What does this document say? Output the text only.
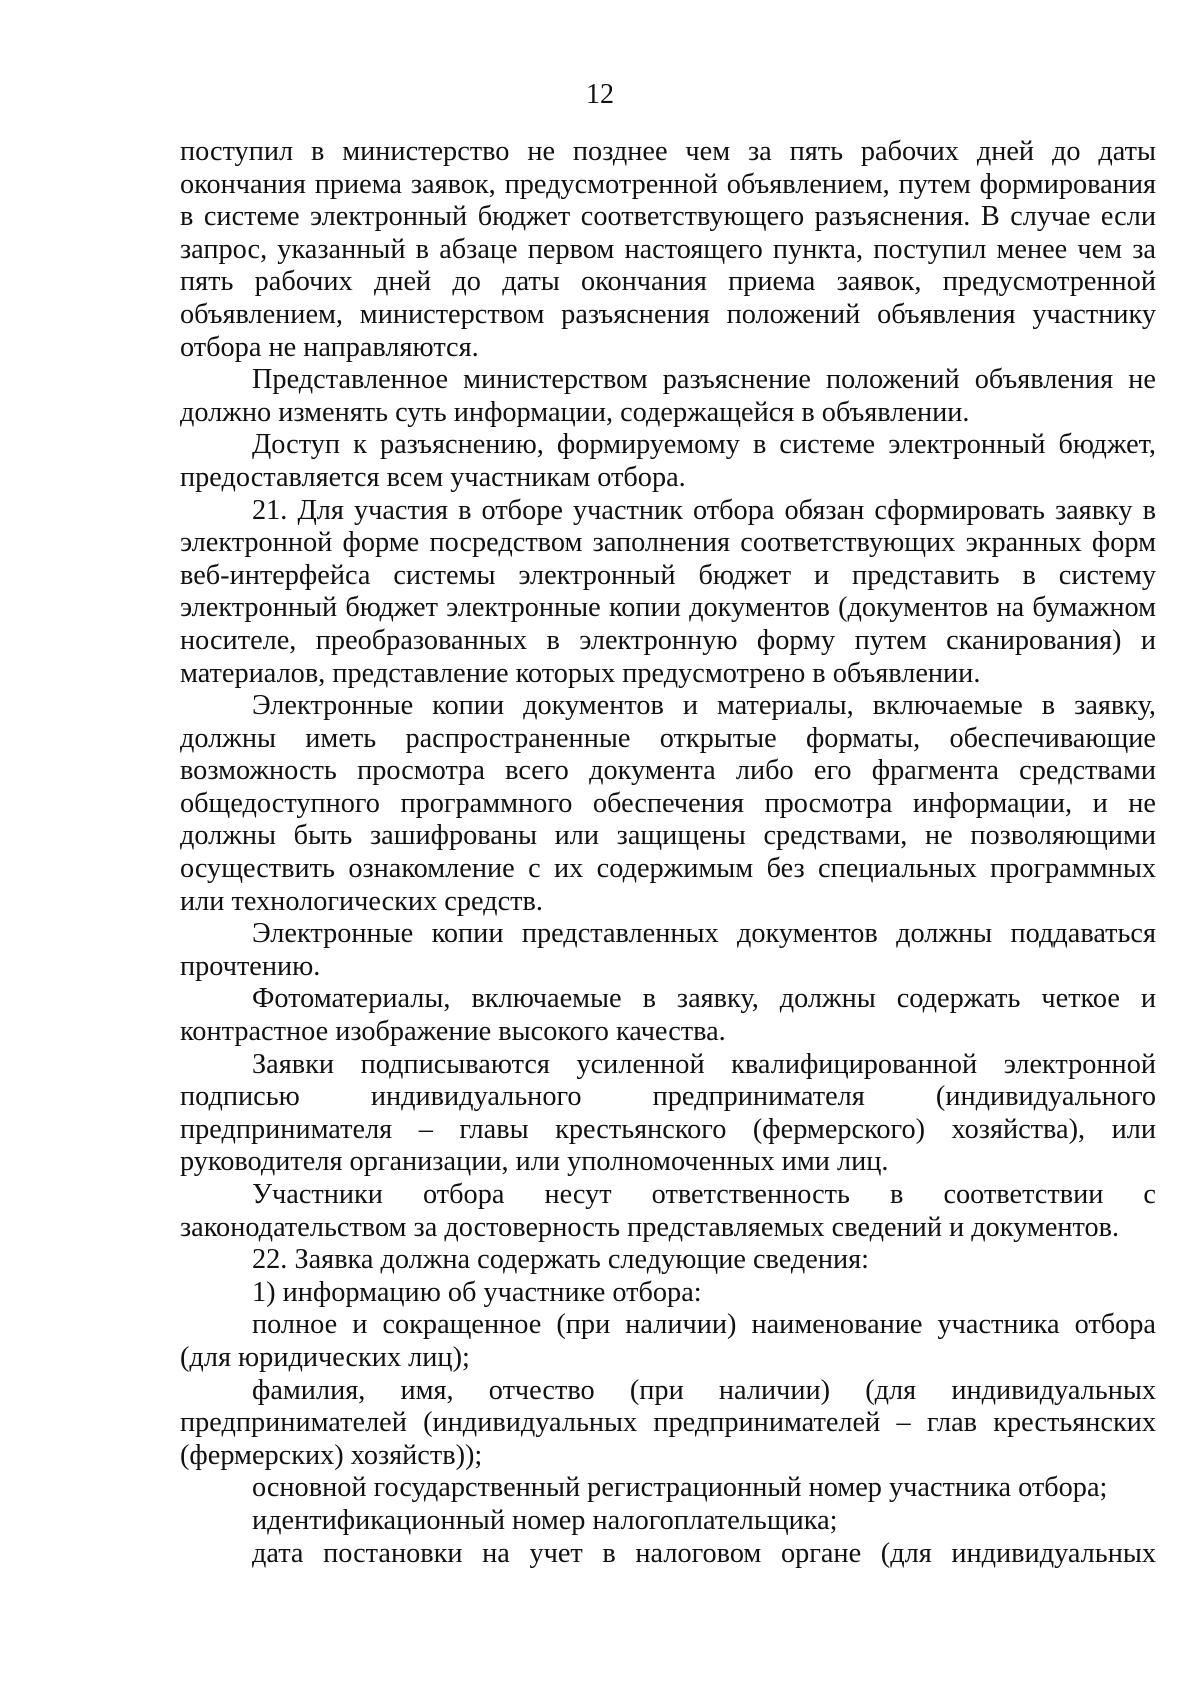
12

поступил в министерство не позднее чем за пять рабочих дней до даты окончания приема заявок, предусмотренной объявлением, путем формирования в системе электронный бюджет соответствующего разъяснения. В случае если запрос, указанный в абзаце первом настоящего пункта, поступил менее чем за пять рабочих дней до даты окончания приема заявок, предусмотренной объявлением, министерством разъяснения положений объявления участнику отбора не направляются.

Представленное министерством разъяснение положений объявления не должно изменять суть информации, содержащейся в объявлении.

Доступ к разъяснению, формируемому в системе электронный бюджет, предоставляется всем участникам отбора.

21. Для участия в отборе участник отбора обязан сформировать заявку в электронной форме посредством заполнения соответствующих экранных форм веб-интерфейса системы электронный бюджет и представить в систему электронный бюджет электронные копии документов (документов на бумажном носителе, преобразованных в электронную форму путем сканирования) и материалов, представление которых предусмотрено в объявлении.

Электронные копии документов и материалы, включаемые в заявку, должны иметь распространенные открытые форматы, обеспечивающие возможность просмотра всего документа либо его фрагмента средствами общедоступного программного обеспечения просмотра информации, и не должны быть зашифрованы или защищены средствами, не позволяющими осуществить ознакомление с их содержимым без специальных программных или технологических средств.

Электронные копии представленных документов должны поддаваться прочтению.

Фотоматериалы, включаемые в заявку, должны содержать четкое и контрастное изображение высокого качества.

Заявки подписываются усиленной квалифицированной электронной подписью индивидуального предпринимателя (индивидуального предпринимателя – главы крестьянского (фермерского) хозяйства), или руководителя организации, или уполномоченных ими лиц.

Участники отбора несут ответственность в соответствии с законодательством за достоверность представляемых сведений и документов.

22. Заявка должна содержать следующие сведения:

1) информацию об участнике отбора:

полное и сокращенное (при наличии) наименование участника отбора (для юридических лиц);

фамилия, имя, отчество (при наличии) (для индивидуальных предпринимателей (индивидуальных предпринимателей – глав крестьянских (фермерских) хозяйств));

основной государственный регистрационный номер участника отбора;

идентификационный номер налогоплательщика;

дата постановки на учет в налоговом органе (для индивидуальных
